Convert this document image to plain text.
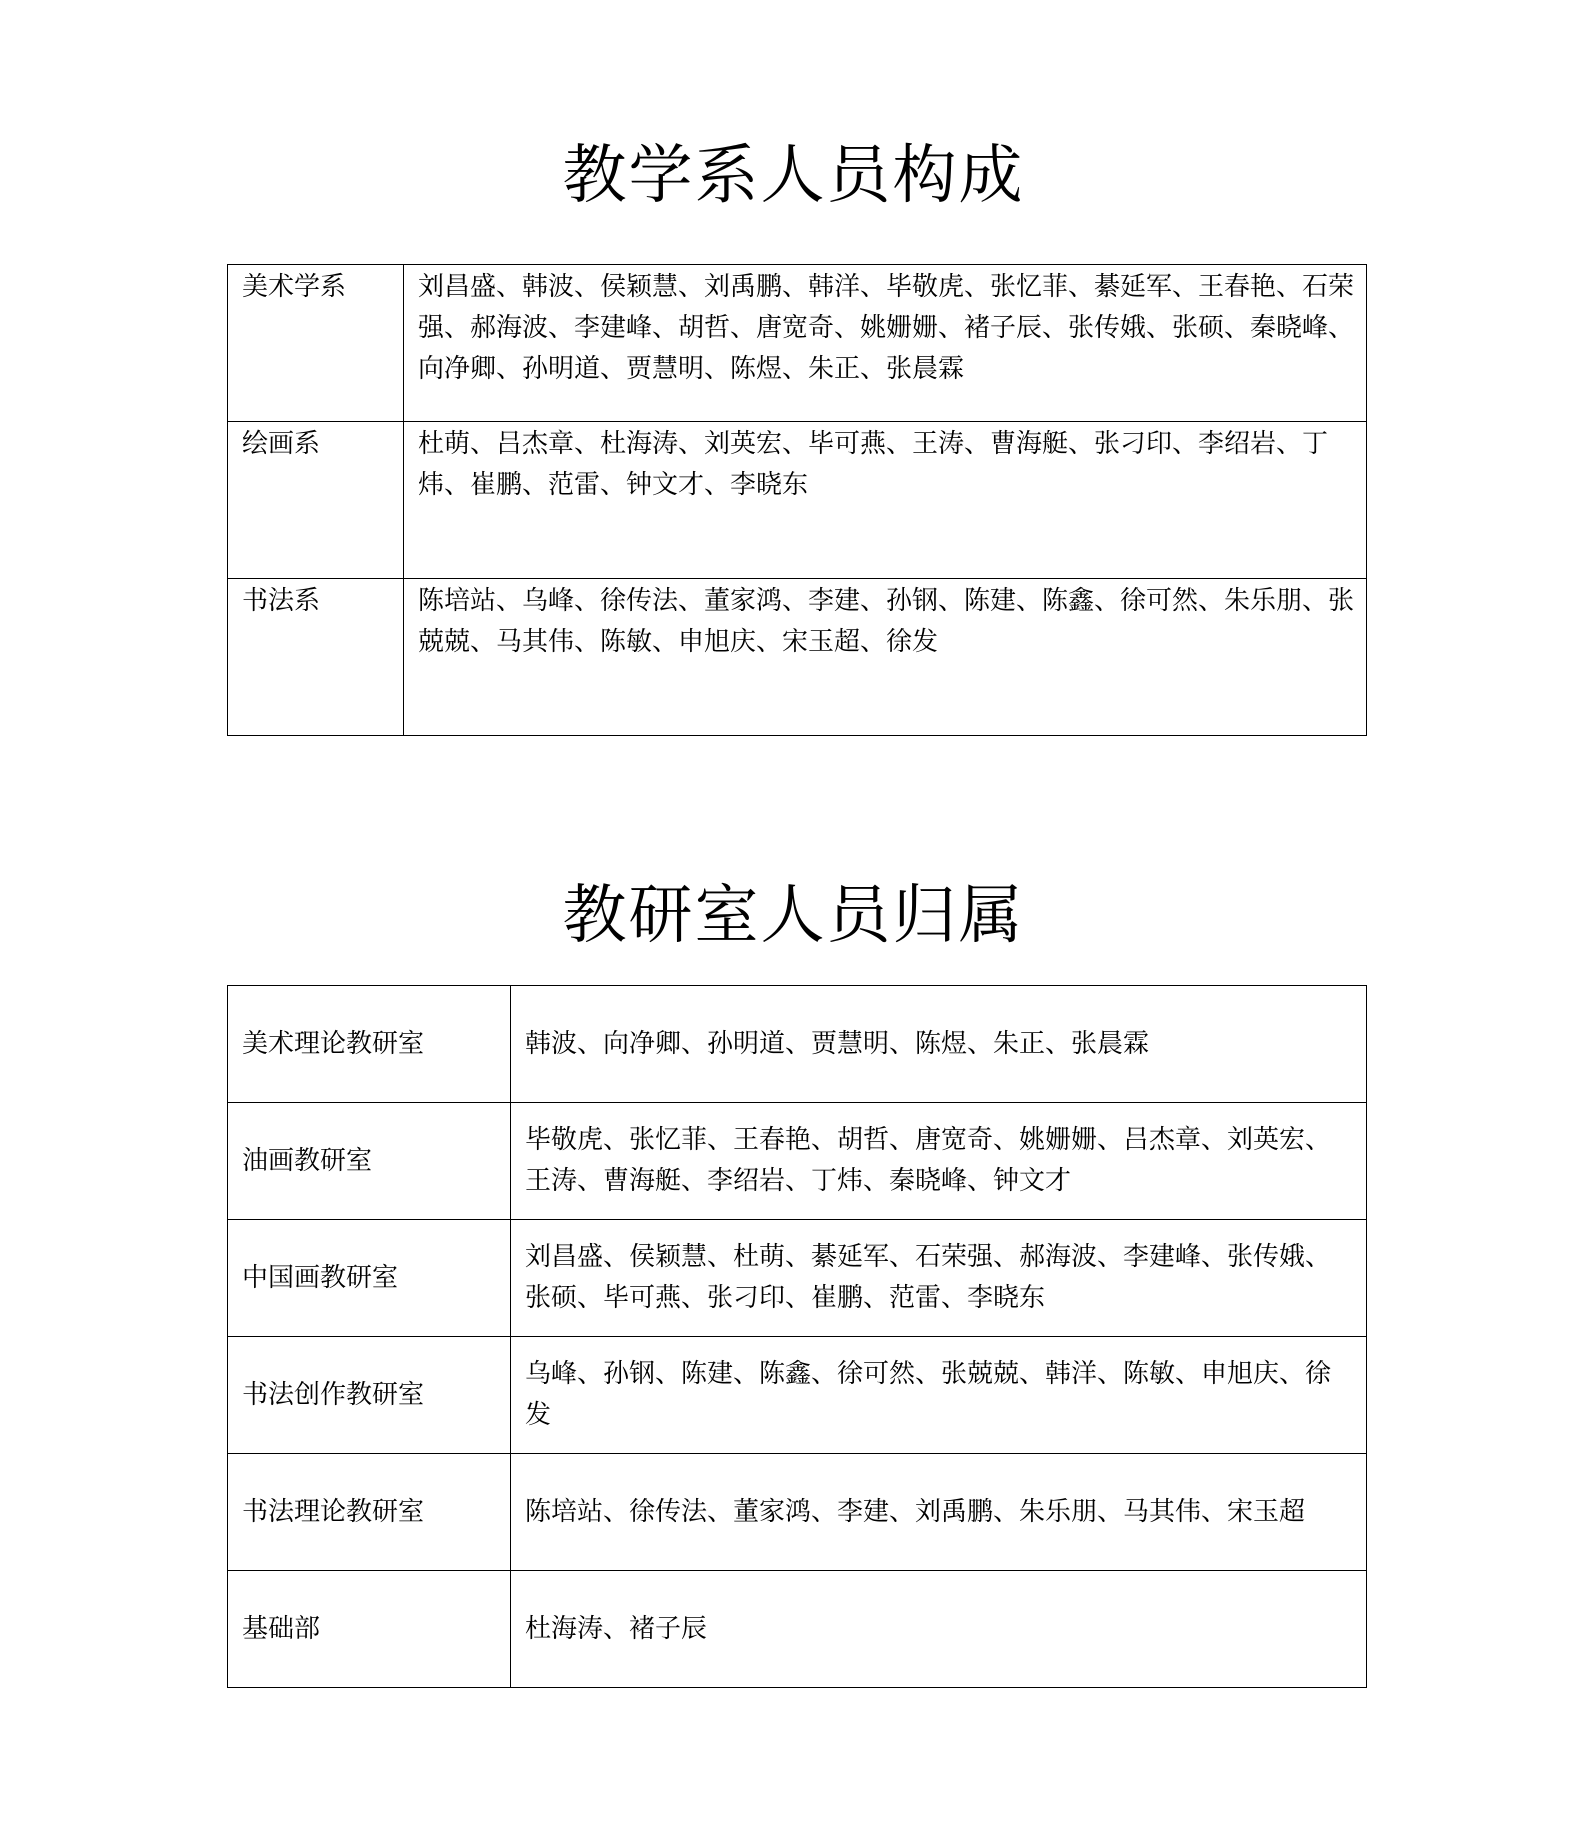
教学系人员构成
美术学系	刘昌盛、韩波、侯颖慧、刘禹鹏、韩洋、毕敬虎、张忆菲、綦延军、王春艳、石荣强、郝海波、李建峰、胡哲、唐宽奇、姚姗姗、褚子辰、张传娥、张硕、秦晓峰、向净卿、孙明道、贾慧明、陈煜、朱正、张晨霖
绘画系	杜萌、吕杰章、杜海涛、刘英宏、毕可燕、王涛、曹海艇、张刁印、李绍岩、丁炜、崔鹏、范雷、钟文才、李晓东
书法系	陈培站、乌峰、徐传法、董家鸿、李建、孙钢、陈建、陈鑫、徐可然、朱乐朋、张兢兢、马其伟、陈敏、申旭庆、宋玉超、徐发
教研室人员归属
美术理论教研室	韩波、向净卿、孙明道、贾慧明、陈煜、朱正、张晨霖
油画教研室	毕敬虎、张忆菲、王春艳、胡哲、唐宽奇、姚姗姗、吕杰章、刘英宏、王涛、曹海艇、李绍岩、丁炜、秦晓峰、钟文才
中国画教研室	刘昌盛、侯颖慧、杜萌、綦延军、石荣强、郝海波、李建峰、张传娥、张硕、毕可燕、张刁印、崔鹏、范雷、李晓东
书法创作教研室	乌峰、孙钢、陈建、陈鑫、徐可然、张兢兢、韩洋、陈敏、申旭庆、徐发
书法理论教研室	陈培站、徐传法、董家鸿、李建、刘禹鹏、朱乐朋、马其伟、宋玉超
基础部	杜海涛、褚子辰
